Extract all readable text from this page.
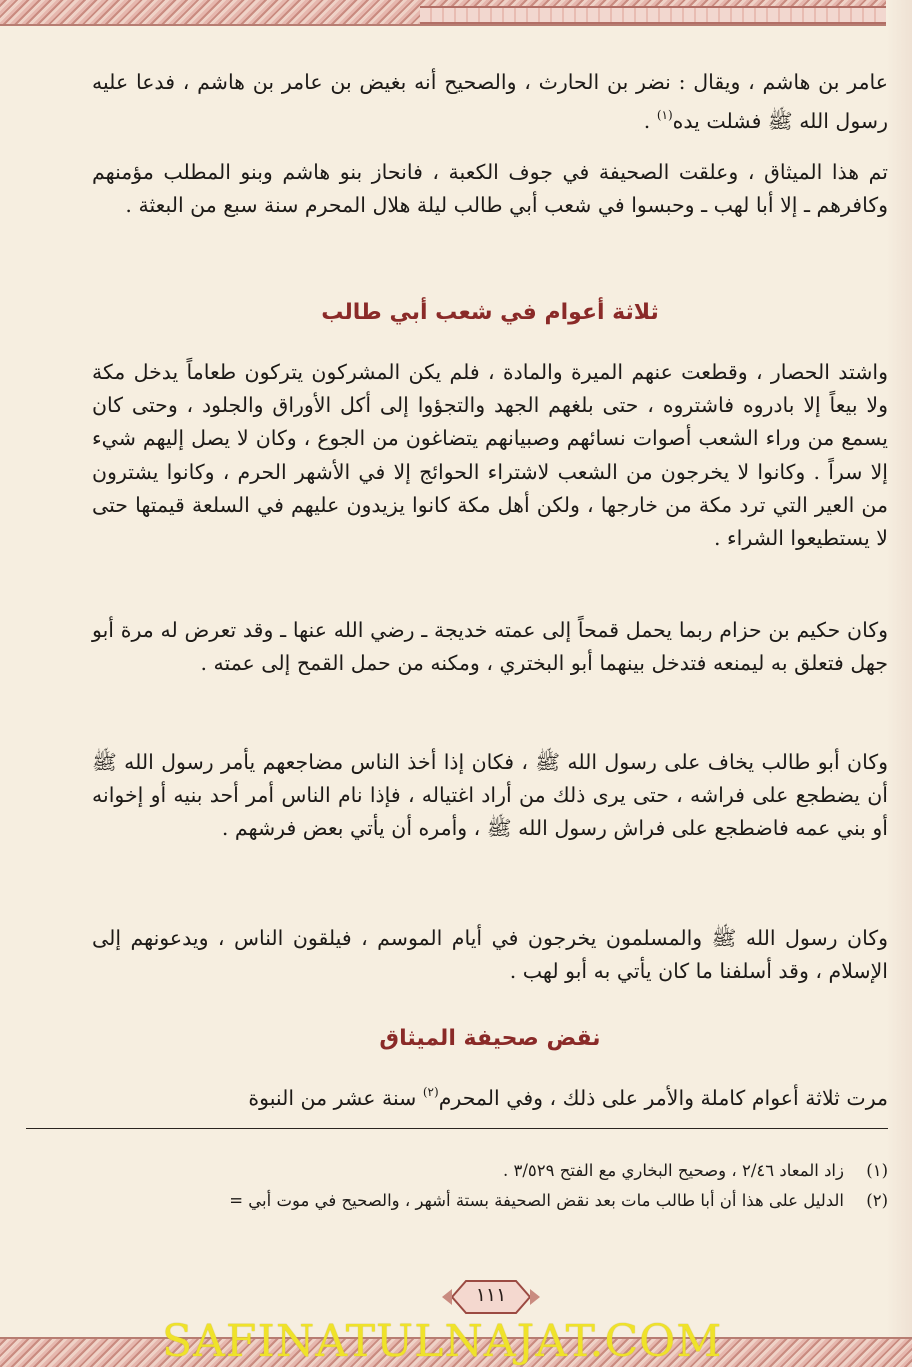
عامر بن هاشم ، ويقال : نضر بن الحارث ، والصحيح أنه بغيض بن عامر بن هاشم ، فدعا عليه رسول الله ﷺ فشلت يده$^{(١)}$ .

تم هذا الميثاق ، وعلقت الصحيفة في جوف الكعبة ، فانحاز بنو هاشم وبنو المطلب مؤمنهم وكافرهم ـ إلا أبا لهب ـ وحبسوا في شعب أبي طالب ليلة هلال المحرم سنة سبع من البعثة .
ثلاثة أعوام في شعب أبي طالب
واشتد الحصار ، وقطعت عنهم الميرة والمادة ، فلم يكن المشركون يتركون طعاماً يدخل مكة ولا بيعاً إلا بادروه فاشتروه ، حتى بلغهم الجهد والتجؤوا إلى أكل الأوراق والجلود ، وحتى كان يسمع من وراء الشعب أصوات نسائهم وصبيانهم يتضاغون من الجوع ، وكان لا يصل إليهم شيء إلا سراً . وكانوا لا يخرجون من الشعب لاشتراء الحوائج إلا في الأشهر الحرم ، وكانوا يشترون من العير التي ترد مكة من خارجها ، ولكن أهل مكة كانوا يزيدون عليهم في السلعة قيمتها حتى لا يستطيعوا الشراء .
وكان حكيم بن حزام ربما يحمل قمحاً إلى عمته خديجة ـ رضي الله عنها ـ وقد تعرض له مرة أبو جهل فتعلق به ليمنعه فتدخل بينهما أبو البختري ، ومكنه من حمل القمح إلى عمته .
وكان أبو طالب يخاف على رسول الله ﷺ ، فكان إذا أخذ الناس مضاجعهم يأمر رسول الله ﷺ أن يضطجع على فراشه ، حتى يرى ذلك من أراد اغتياله ، فإذا نام الناس أمر أحد بنيه أو إخوانه أو بني عمه فاضطجع على فراش رسول الله ﷺ ، وأمره أن يأتي بعض فرشهم .
وكان رسول الله ﷺ والمسلمون يخرجون في أيام الموسم ، فيلقون الناس ، ويدعونهم إلى الإسلام ، وقد أسلفنا ما كان يأتي به أبو لهب .
نقض صحيفة الميثاق

مرت ثلاثة أعوام كاملة والأمر على ذلك ، وفي المحرم$^{(٢)}$ سنة عشر من النبوة

(١)زاد المعاد ٢/٤٦ ، وصحيح البخاري مع الفتح ٣/٥٢٩ .
(٢)الدليل على هذا أن أبا طالب مات بعد نقض الصحيفة بستة أشهر ، والصحيح في موت أبي =
١١١
SAFINATULNAJAT.COM
